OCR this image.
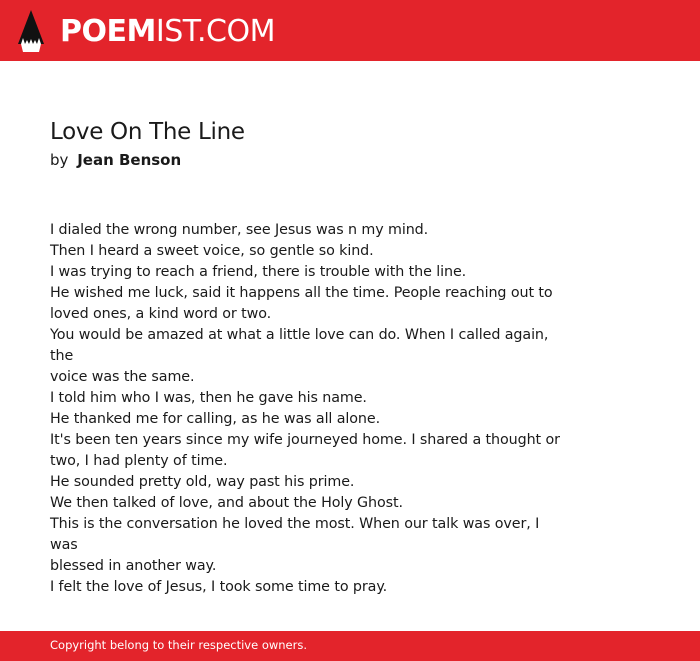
POEM IST.COM
Love On The Line
by Jean Benson
I dialed the wrong number, see Jesus was n my mind.
Then I heard a sweet voice, so gentle so kind.
I was trying to reach a friend, there is trouble with the line.
He wished me luck, said it happens all the time. People reaching out to
loved ones, a kind word or two.
You would be amazed at what a little love can do. When I called again, the
voice was the same.
I told him who I was, then he gave his name.
He thanked me for calling, as he was all alone.
It's been ten years since my wife journeyed home. I shared a thought or
two, I had plenty of time.
He sounded pretty old, way past his prime.
We then talked of love, and about the Holy Ghost.
This is the conversation he loved the most. When our talk was over, I was
blessed in another way.
I felt the love of Jesus, I took some time to pray.
Copyright belong to their respective owners.
